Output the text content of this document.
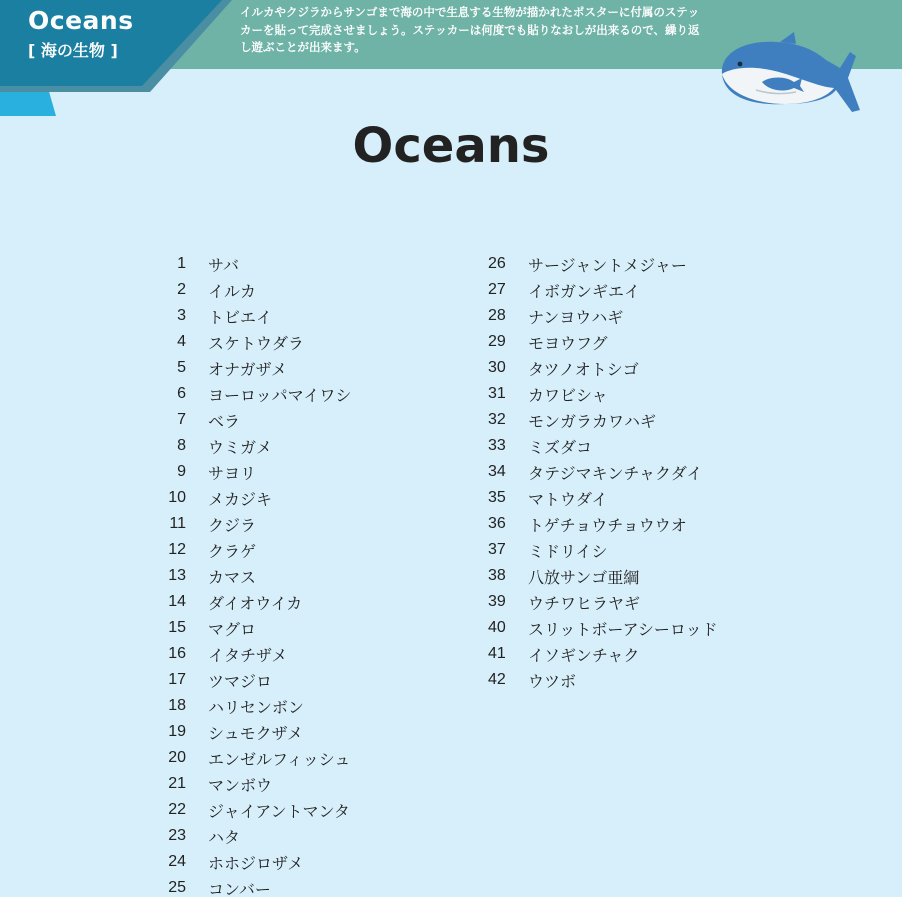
Oceans
[ 海の生物 ]
イルカやクジラからサンゴまで海の中で生息する生物が描かれたポスターに付属のステッカーを貼って完成させましょう。ステッカーは何度でも貼りなおしが出来るので、繰り返し遊ぶことが出来ます。
Oceans
1	サバ
2	イルカ
3	トビエイ
4	スケトウダラ
5	オナガザメ
6	ヨーロッパマイワシ
7	ベラ
8	ウミガメ
9	サヨリ
10	メカジキ
11	クジラ
12	クラゲ
13	カマス
14	ダイオウイカ
15	マグロ
16	イタチザメ
17	ツマジロ
18	ハリセンボン
19	シュモクザメ
20	エンゼルフィッシュ
21	マンボウ
22	ジャイアントマンタ
23	ハタ
24	ホホジロザメ
25	コンバー
26	サージャントメジャー
27	イボガンギエイ
28	ナンヨウハギ
29	モヨウフグ
30	タツノオトシゴ
31	カワビシャ
32	モンガラカワハギ
33	ミズダコ
34	タテジマキンチャクダイ
35	マトウダイ
36	トゲチョウチョウウオ
37	ミドリイシ
38	八放サンゴ亜綱
39	ウチワヒラヤギ
40	スリットボーアシーロッド
41	イソギンチャク
42	ウツボ
